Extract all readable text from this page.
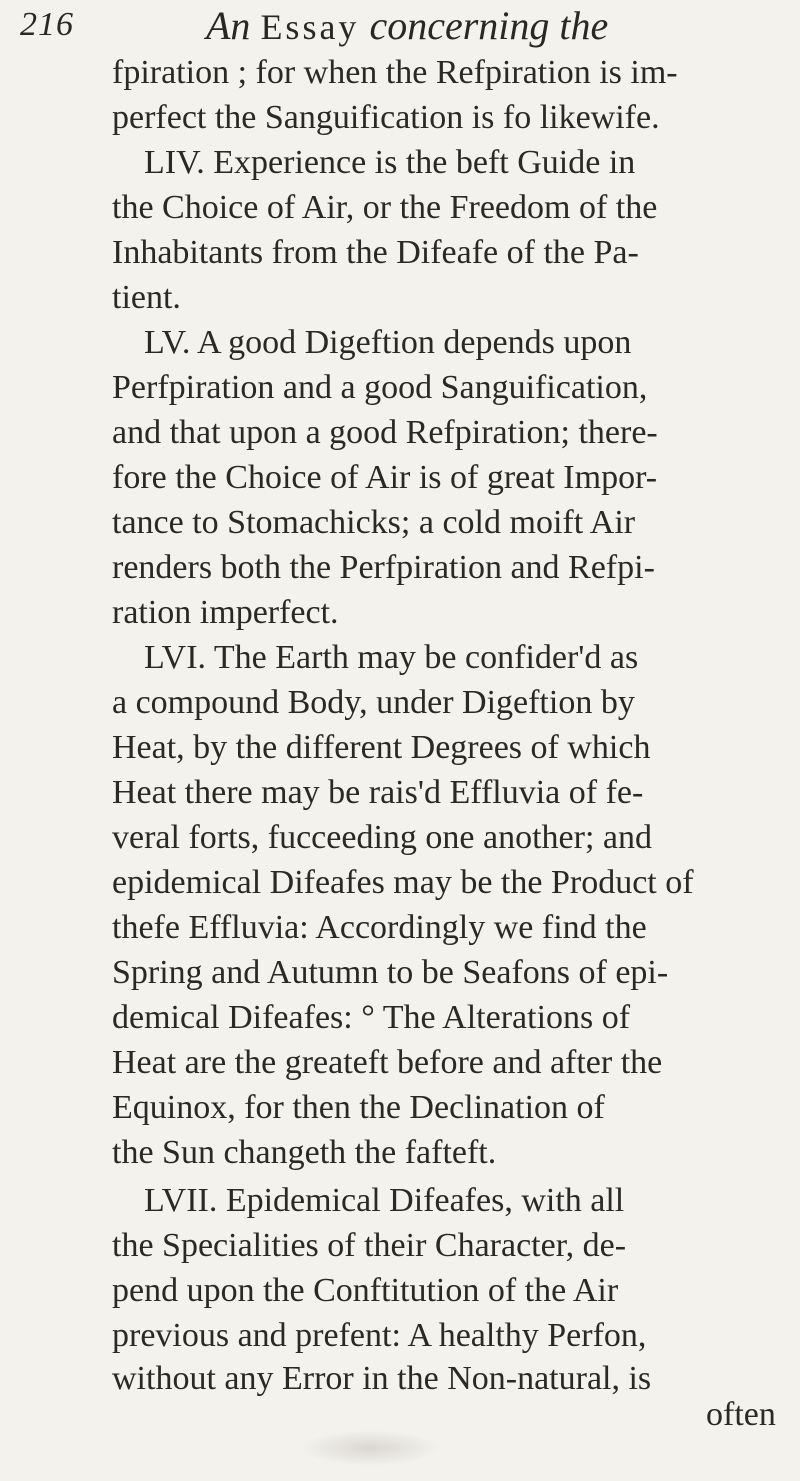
216	An Essay concerning the
fpiration ; for when the Refpiration is im-
perfect the Sanguification is fo likewife.
LIV. Experience is the beft Guide in
the Choice of Air, or the Freedom of the
Inhabitants from the Difeafe of the Pa-
tient.
LV. A good Digeftion depends upon
Perfpiration and a good Sanguification,
and that upon a good Refpiration; there-
fore the Choice of Air is of great Impor-
tance to Stomachicks; a cold moift Air
renders both the Perfpiration and Refpi-
ration imperfect.
LVI. The Earth may be confider'd as
a compound Body, under Digeftion by
Heat, by the different Degrees of which
Heat there may be rais'd Effluvia of fe-
veral forts, fucceeding one another; and
epidemical Difeafes may be the Product of
thefe Effluvia: Accordingly we find the
Spring and Autumn to be Seafons of epi-
demical Difeafes: ° The Alterations of
Heat are the greateft before and after the
Equinox, for then the Declination of
the Sun changeth the fafteft.
LVII. Epidemical Difeafes, with all
the Specialities of their Character, de-
pend upon the Conftitution of the Air
previous and prefent: A healthy Perfon,
without any Error in the Non-natural, is
often
